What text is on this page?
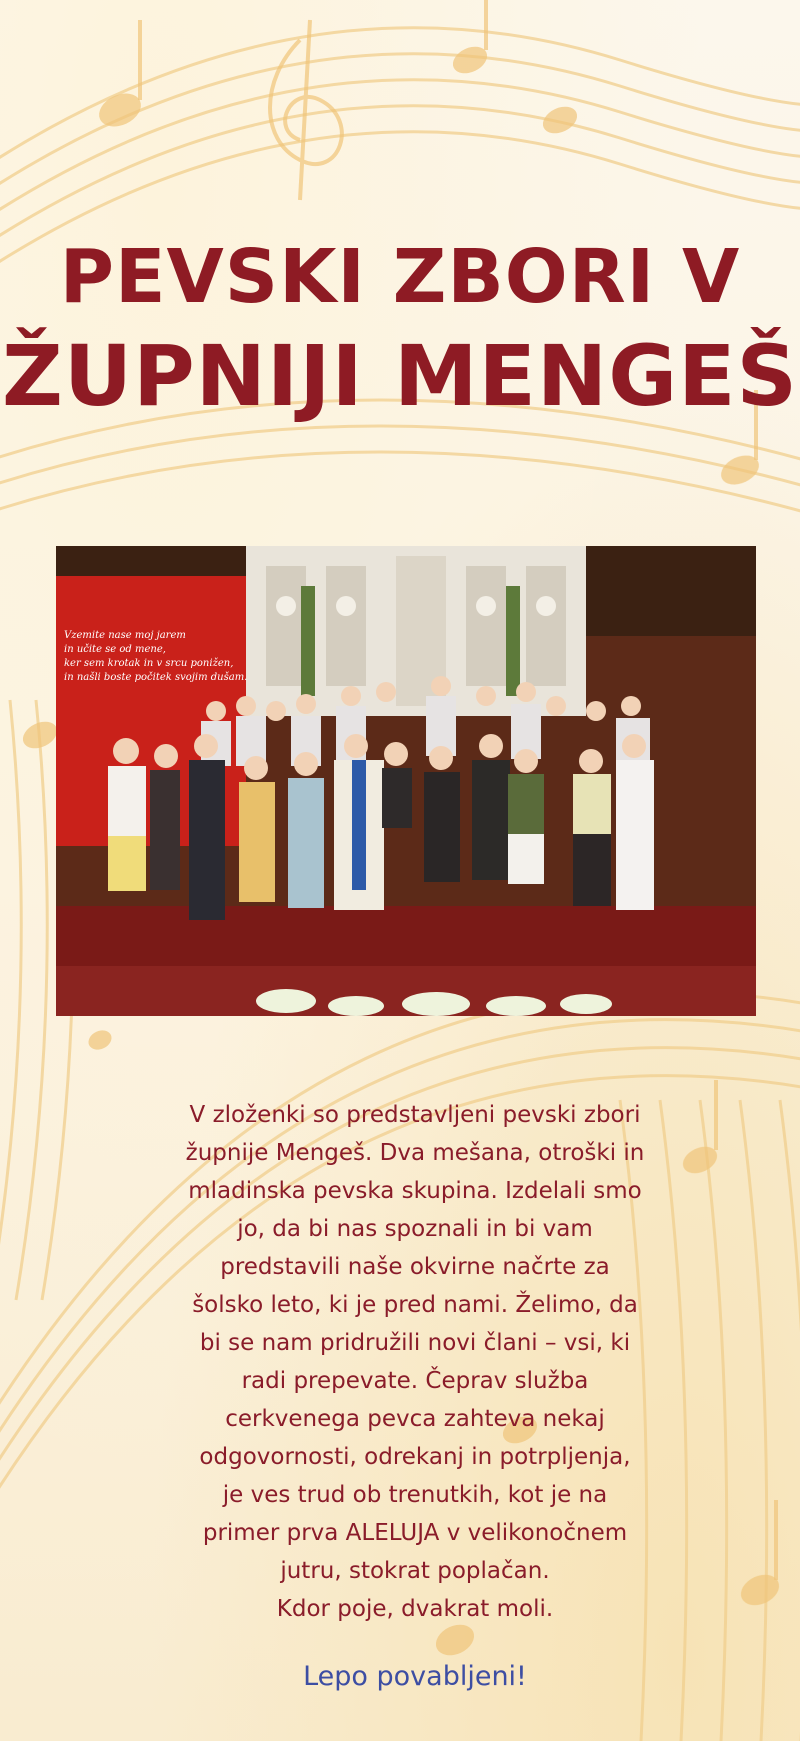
PEVSKI ZBORI V
ŽUPNIJI MENGEŠ
Vzemite nase moj jarem
in učite se od mene,
ker sem krotak in v srcu ponižen,
in našli boste počitek svojim dušam.

V zloženki so predstavljeni pevski zbori

župnije Mengeš. Dva mešana, otroški in

mladinska pevska skupina. Izdelali smo

jo, da bi nas spoznali in bi vam

predstavili naše okvirne načrte za

šolsko leto, ki je pred nami. Želimo, da

bi se nam pridružili novi člani – vsi, ki

radi prepevate. Čeprav služba

cerkvenega pevca zahteva nekaj

odgovornosti, odrekanj in potrpljenja,

je ves trud ob trenutkih, kot je na

primer prva ALELUJA v velikonočnem

jutru, stokrat poplačan.

Kdor poje, dvakrat moli.

Lepo povabljeni!
